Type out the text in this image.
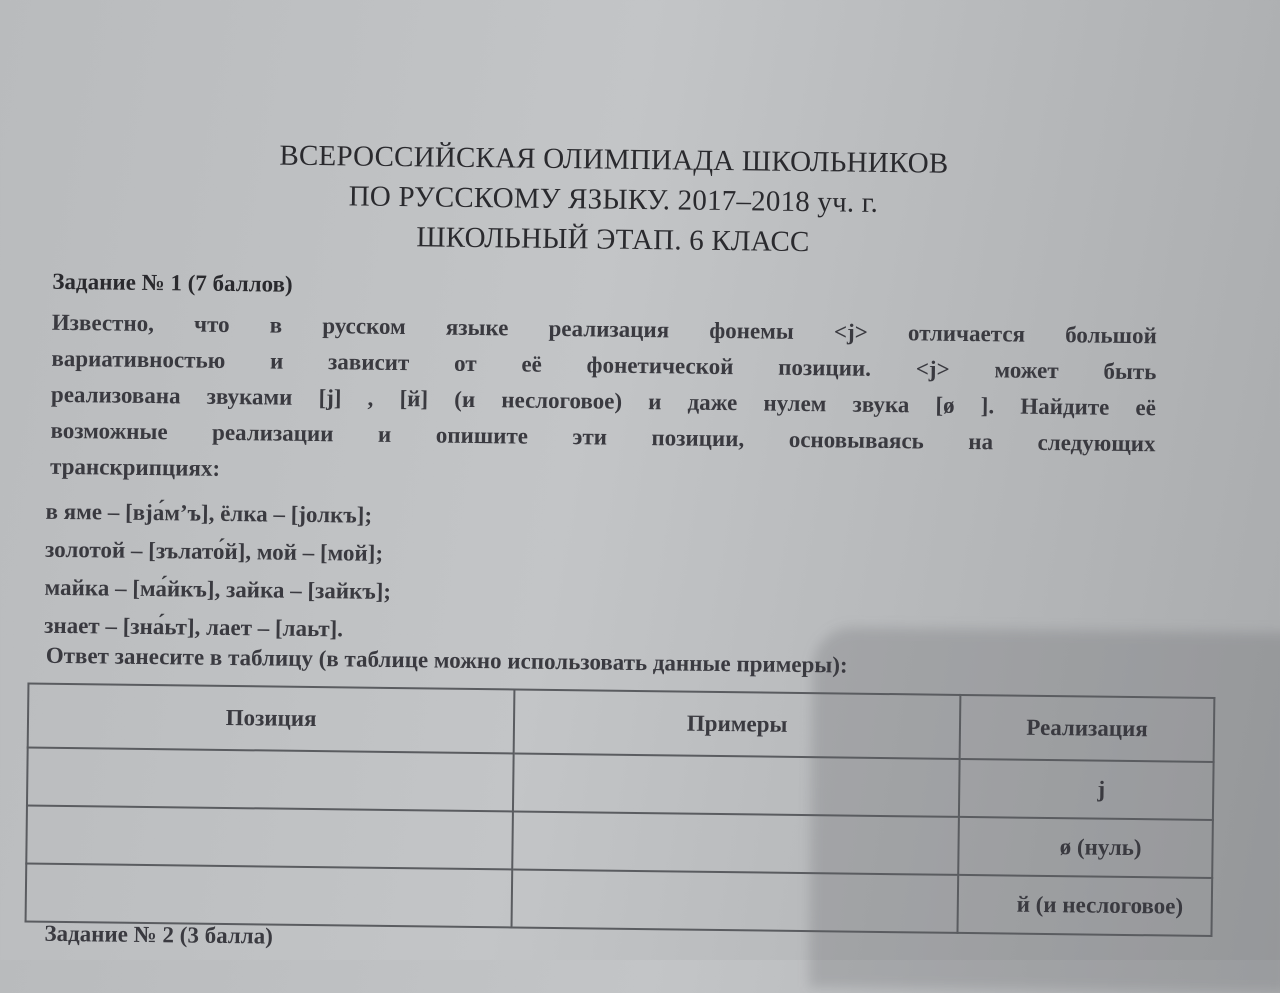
ВСЕРОССИЙСКАЯ ОЛИМПИАДА ШКОЛЬНИКОВ
ПО РУССКОМУ ЯЗЫКУ. 2017–2018 уч. г.
ШКОЛЬНЫЙ ЭТАП. 6 КЛАСС
Задание № 1 (7 баллов)
Известно, что в русском языке реализация фонемы <j> отличается большой
вариативностью и зависит от её фонетической позиции. <j> может быть
реализована звуками [j] , [й] (и неслоговое) и даже нулем звука [ø ]. Найдите её
возможные реализации и опишите эти позиции, основываясь на следующих
транскрипциях:
в яме – [вjа́м’ъ], ёлка – [jолкъ];
золотой – [зълато́й], мой – [мой];
майка – [ма́йкъ], зайка – [зайкъ];
знает – [зна́ьт], лает – [лаьт].
Ответ занесите в таблицу (в таблице можно использовать данные примеры):
Позиция	Примеры	Реализация
		j
		ø (нуль)
		й (и неслоговое)
Задание № 2 (3 балла)
